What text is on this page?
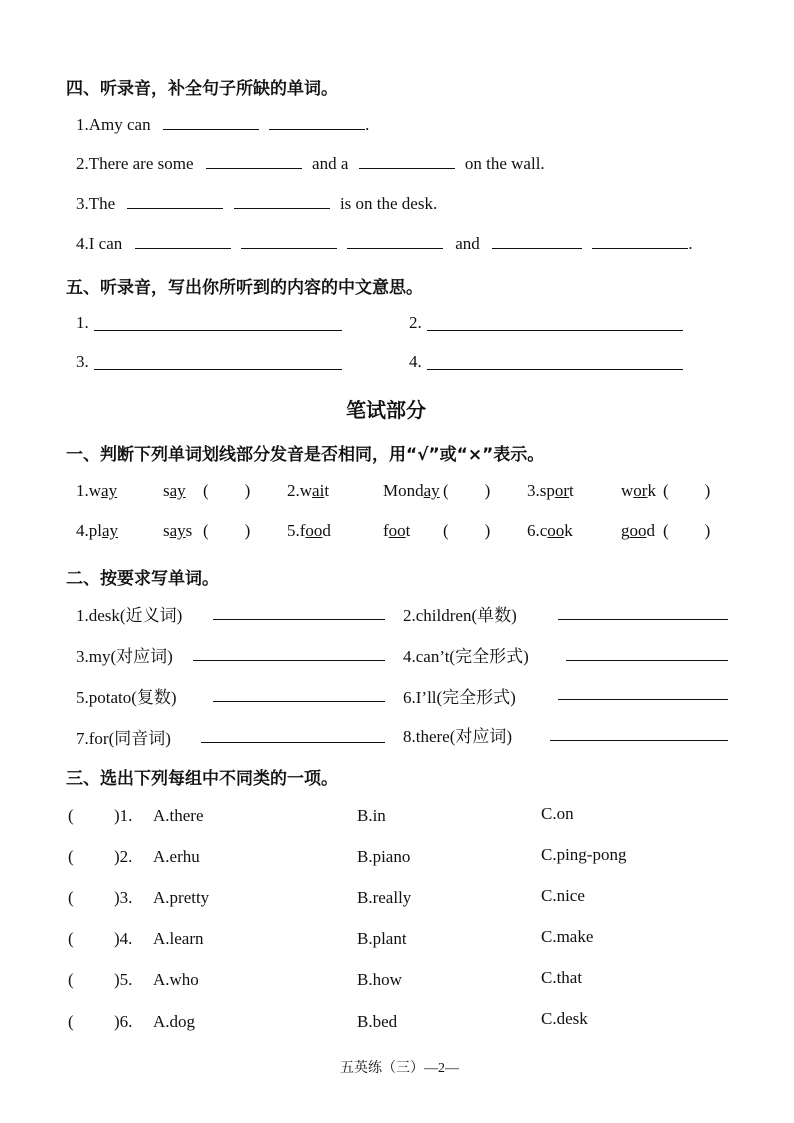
四、听录音，补全句子所缺的单词。
1.Amy can	.
2.There are some	and a	on the wall.
3.The	is on the desk.
4.I can	and	.
五、听录音，写出你所听到的内容的中文意思。
1.	2.
3.	4.
笔试部分
一、判断下列单词划线部分发音是否相同，用“√”或“×”表示。
1.way	say ( ) 2.wait	Monday ( ) 3.sport	work ( )
4.play	says ( ) 5.food	foot ( ) 6.cook	good ( )
二、按要求写单词。
1.desk(近义词)	2.children(单数)
3.my(对应词)	4.can’t(完全形式)
5.potato(复数)	6.I’ll(完全形式)
7.for(同音词)	8.there(对应词)
三、选出下列每组中不同类的一项。
( )1. A.there	B.in	C.on
( )2. A.erhu	B.piano	C.ping-pong
( )3. A.pretty	B.really	C.nice
( )4. A.learn	B.plant	C.make
( )5. A.who	B.how	C.that
( )6. A.dog	B.bed	C.desk
五英练（三）—2—
